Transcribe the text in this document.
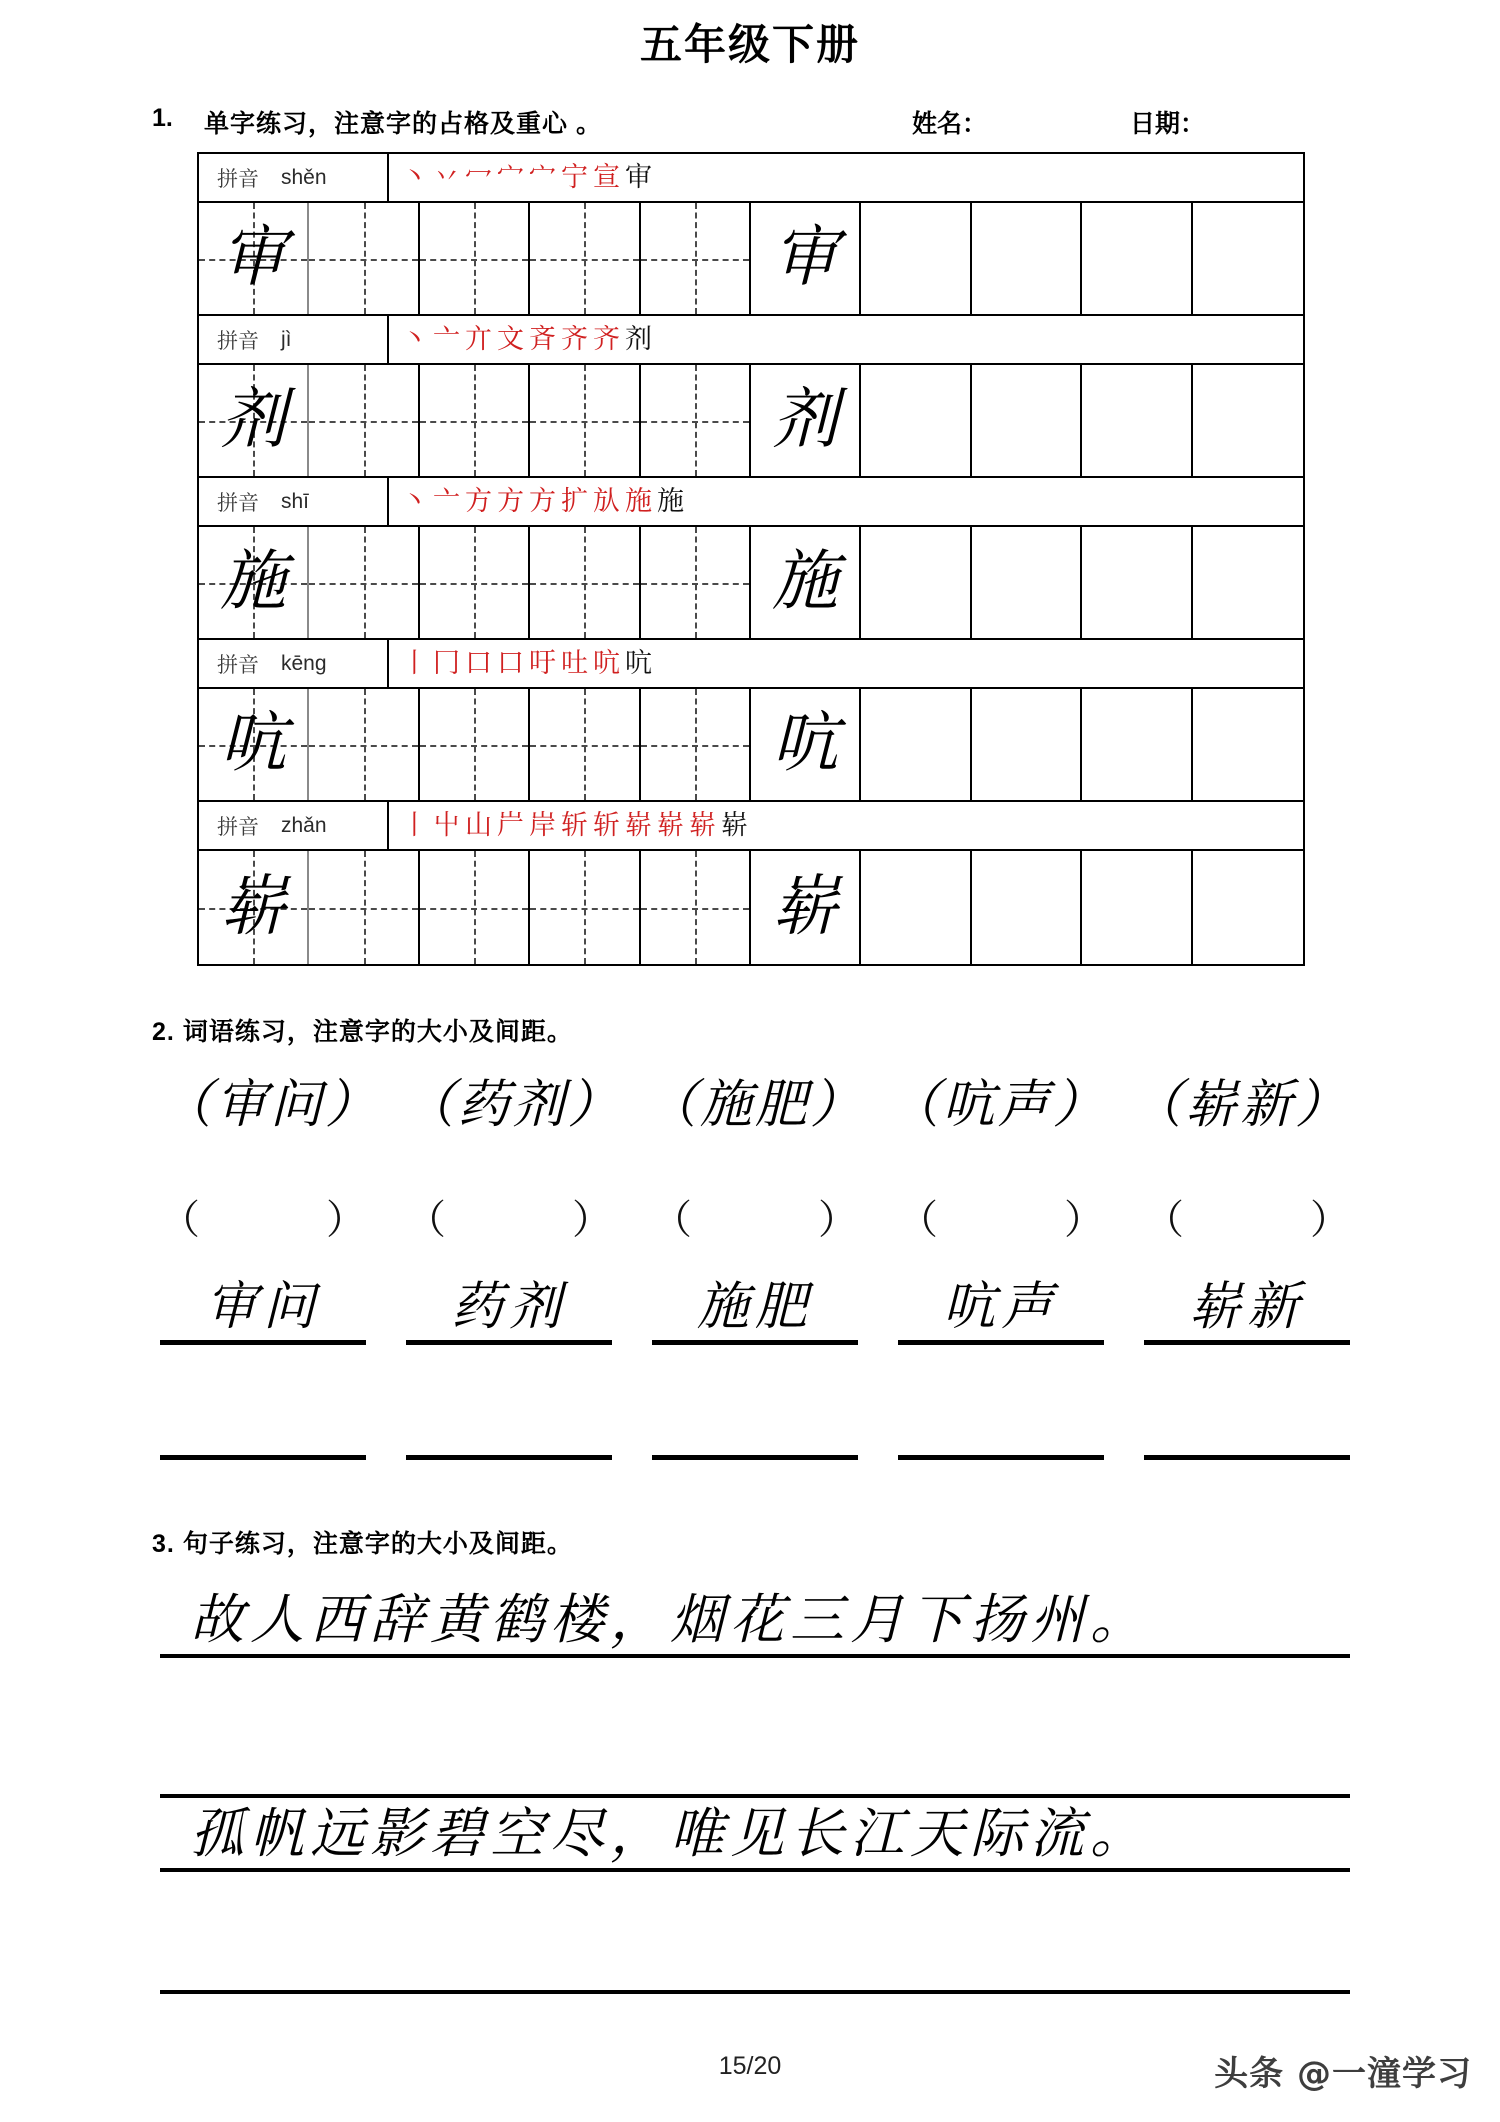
五年级下册
1. 单字练习，注意字的占格及重心 。	姓名：	日期：
拼音 shěn	丶 丷 冖 宀 宀 宁 宣 审
审	审
拼音 jì	丶 亠 亣 文 斉 齐 齐 剂
剂	剂
拼音 shī	丶 亠 方 方 方 扩 㫃 施 施
施	施
拼音 kēng	丨 冂 口 口 吁 吐 吭 吭
吭	吭
拼音 zhǎn	丨 屮 山 屵 岸 斩 斩 崭 崭 崭 崭
崭	崭
2. 词语练习，注意字的大小及间距。
（审问） （药剂） （施肥） （吭声） （崭新）
（	） （	） （	） （	） （	）
审问	药剂	施肥	吭声	崭新
3. 句子练习，注意字的大小及间距。
故人西辞黄鹤楼，烟花三月下扬州。
孤帆远影碧空尽，唯见长江天际流。
15/20	头条 @一潼学习
